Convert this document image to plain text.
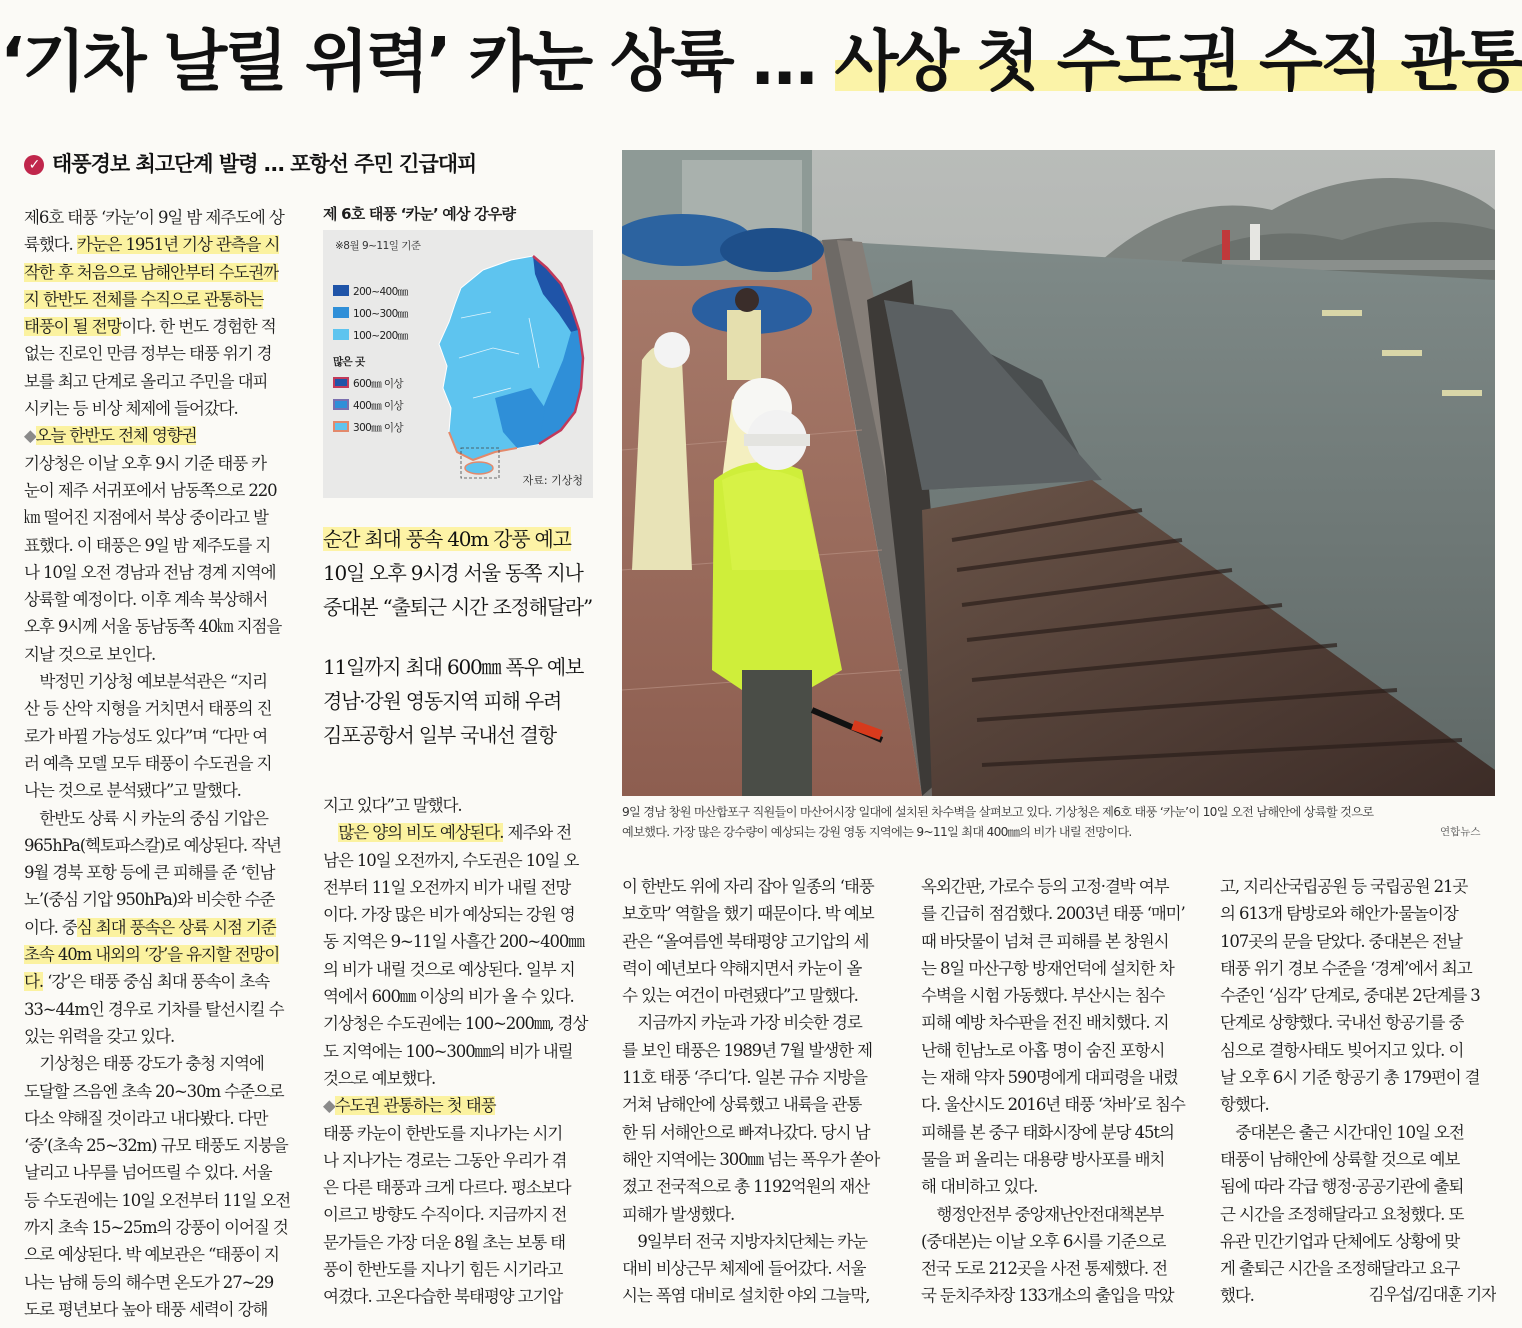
‘기차 날릴 위력’ 카눈 상륙 … 사상 첫 수도권 수직 관통
✓ 태풍경보 최고단계 발령 … 포항선 주민 긴급대피
제6호 태풍 ‘카눈’이 9일 밤 제주도에 상
륙했다. 카눈은 1951년 기상 관측을 시
작한 후 처음으로 남해안부터 수도권까
지 한반도 전체를 수직으로 관통하는
태풍이 될 전망이다. 한 번도 경험한 적
없는 진로인 만큼 정부는 태풍 위기 경
보를 최고 단계로 올리고 주민을 대피
시키는 등 비상 체제에 들어갔다.
◆오늘 한반도 전체 영향권
기상청은 이날 오후 9시 기준 태풍 카
눈이 제주 서귀포에서 남동쪽으로 220
㎞ 떨어진 지점에서 북상 중이라고 발
표했다. 이 태풍은 9일 밤 제주도를 지
나 10일 오전 경남과 전남 경계 지역에
상륙할 예정이다. 이후 계속 북상해서
오후 9시께 서울 동남동쪽 40㎞ 지점을
지날 것으로 보인다.
　박정민 기상청 예보분석관은 “지리
산 등 산악 지형을 거치면서 태풍의 진
로가 바뀔 가능성도 있다”며 “다만 여
러 예측 모델 모두 태풍이 수도권을 지
나는 것으로 분석됐다”고 말했다.
　한반도 상륙 시 카눈의 중심 기압은
965hPa(헥토파스칼)로 예상된다. 작년
9월 경북 포항 등에 큰 피해를 준 ‘힌남
노’(중심 기압 950hPa)와 비슷한 수준
이다. 중심 최대 풍속은 상륙 시점 기준
초속 40m 내외의 ‘강’을 유지할 전망이
다. ‘강’은 태풍 중심 최대 풍속이 초속
33~44m인 경우로 기차를 탈선시킬 수
있는 위력을 갖고 있다.
　기상청은 태풍 강도가 충청 지역에
도달할 즈음엔 초속 20~30m 수준으로
다소 약해질 것이라고 내다봤다. 다만
‘중’(초속 25~32m) 규모 태풍도 지붕을
날리고 나무를 넘어뜨릴 수 있다. 서울
등 수도권에는 10일 오전부터 11일 오전
까지 초속 15~25m의 강풍이 이어질 것
으로 예상된다. 박 예보관은 “태풍이 지
나는 남해 등의 해수면 온도가 27~29
도로 평년보다 높아 태풍 세력이 강해
지고 있다”고 말했다.
　많은 양의 비도 예상된다. 제주와 전
남은 10일 오전까지, 수도권은 10일 오
전부터 11일 오전까지 비가 내릴 전망
이다. 가장 많은 비가 예상되는 강원 영
동 지역은 9~11일 사흘간 200~400㎜
의 비가 내릴 것으로 예상된다. 일부 지
역에서 600㎜ 이상의 비가 올 수 있다.
기상청은 수도권에는 100~200㎜, 경상
도 지역에는 100~300㎜의 비가 내릴
것으로 예보했다.
◆수도권 관통하는 첫 태풍
태풍 카눈이 한반도를 지나가는 시기
나 지나가는 경로는 그동안 우리가 겪
은 다른 태풍과 크게 다르다. 평소보다
이르고 방향도 수직이다. 지금까지 전
문가들은 가장 더운 8월 초는 보통 태
풍이 한반도를 지나기 힘든 시기라고
여겼다. 고온다습한 북태평양 고기압
이 한반도 위에 자리 잡아 일종의 ‘태풍
보호막’ 역할을 했기 때문이다. 박 예보
관은 “올여름엔 북태평양 고기압의 세
력이 예년보다 약해지면서 카눈이 올
수 있는 여건이 마련됐다”고 말했다.
　지금까지 카눈과 가장 비슷한 경로
를 보인 태풍은 1989년 7월 발생한 제
11호 태풍 ‘주디’다. 일본 규슈 지방을
거쳐 남해안에 상륙했고 내륙을 관통
한 뒤 서해안으로 빠져나갔다. 당시 남
해안 지역에는 300㎜ 넘는 폭우가 쏟아
졌고 전국적으로 총 1192억원의 재산
피해가 발생했다.
　9일부터 전국 지방자치단체는 카눈
대비 비상근무 체제에 들어갔다. 서울
시는 폭염 대비로 설치한 야외 그늘막,
옥외간판, 가로수 등의 고정·결박 여부
를 긴급히 점검했다. 2003년 태풍 ‘매미’
때 바닷물이 넘쳐 큰 피해를 본 창원시
는 8일 마산구항 방재언덕에 설치한 차
수벽을 시험 가동했다. 부산시는 침수
피해 예방 차수판을 전진 배치했다. 지
난해 힌남노로 아홉 명이 숨진 포항시
는 재해 약자 590명에게 대피령을 내렸
다. 울산시도 2016년 태풍 ‘차바’로 침수
피해를 본 중구 태화시장에 분당 45t의
물을 퍼 올리는 대용량 방사포를 배치
해 대비하고 있다.
　행정안전부 중앙재난안전대책본부
(중대본)는 이날 오후 6시를 기준으로
전국 도로 212곳을 사전 통제했다. 전
국 둔치주차장 133개소의 출입을 막았
고, 지리산국립공원 등 국립공원 21곳
의 613개 탐방로와 해안가·물놀이장
107곳의 문을 닫았다. 중대본은 전날
태풍 위기 경보 수준을 ‘경계’에서 최고
수준인 ‘심각’ 단계로, 중대본 2단계를 3
단계로 상향했다. 국내선 항공기를 중
심으로 결항사태도 빚어지고 있다. 이
날 오후 6시 기준 항공기 총 179편이 결
항했다.
　중대본은 출근 시간대인 10일 오전
태풍이 남해안에 상륙할 것으로 예보
됨에 따라 각급 행정·공공기관에 출퇴
근 시간을 조정해달라고 요청했다. 또
유관 민간기업과 단체에도 상황에 맞
게 출퇴근 시간을 조정해달라고 요구
했다.	김우섭/김대훈 기자
제 6호 태풍 ‘카눈’ 예상 강우량
※8월 9~11일 기준
200~400㎜
100~300㎜
100~200㎜
많은 곳
600㎜ 이상
400㎜ 이상
300㎜ 이상
자료: 기상청
순간 최대 풍속 40m 강풍 예고
10일 오후 9시경 서울 동쪽 지나
중대본 “출퇴근 시간 조정해달라”
11일까지 최대 600㎜ 폭우 예보
경남·강원 영동지역 피해 우려
김포공항서 일부 국내선 결항
9일 경남 창원 마산합포구 직원들이 마산어시장 일대에 설치된 차수벽을 살펴보고 있다. 기상청은 제6호 태풍 ‘카눈’이 10일 오전 남해안에 상륙할 것으로
예보했다. 가장 많은 강수량이 예상되는 강원 영동 지역에는 9~11일 최대 400㎜의 비가 내릴 전망이다.	연합뉴스
